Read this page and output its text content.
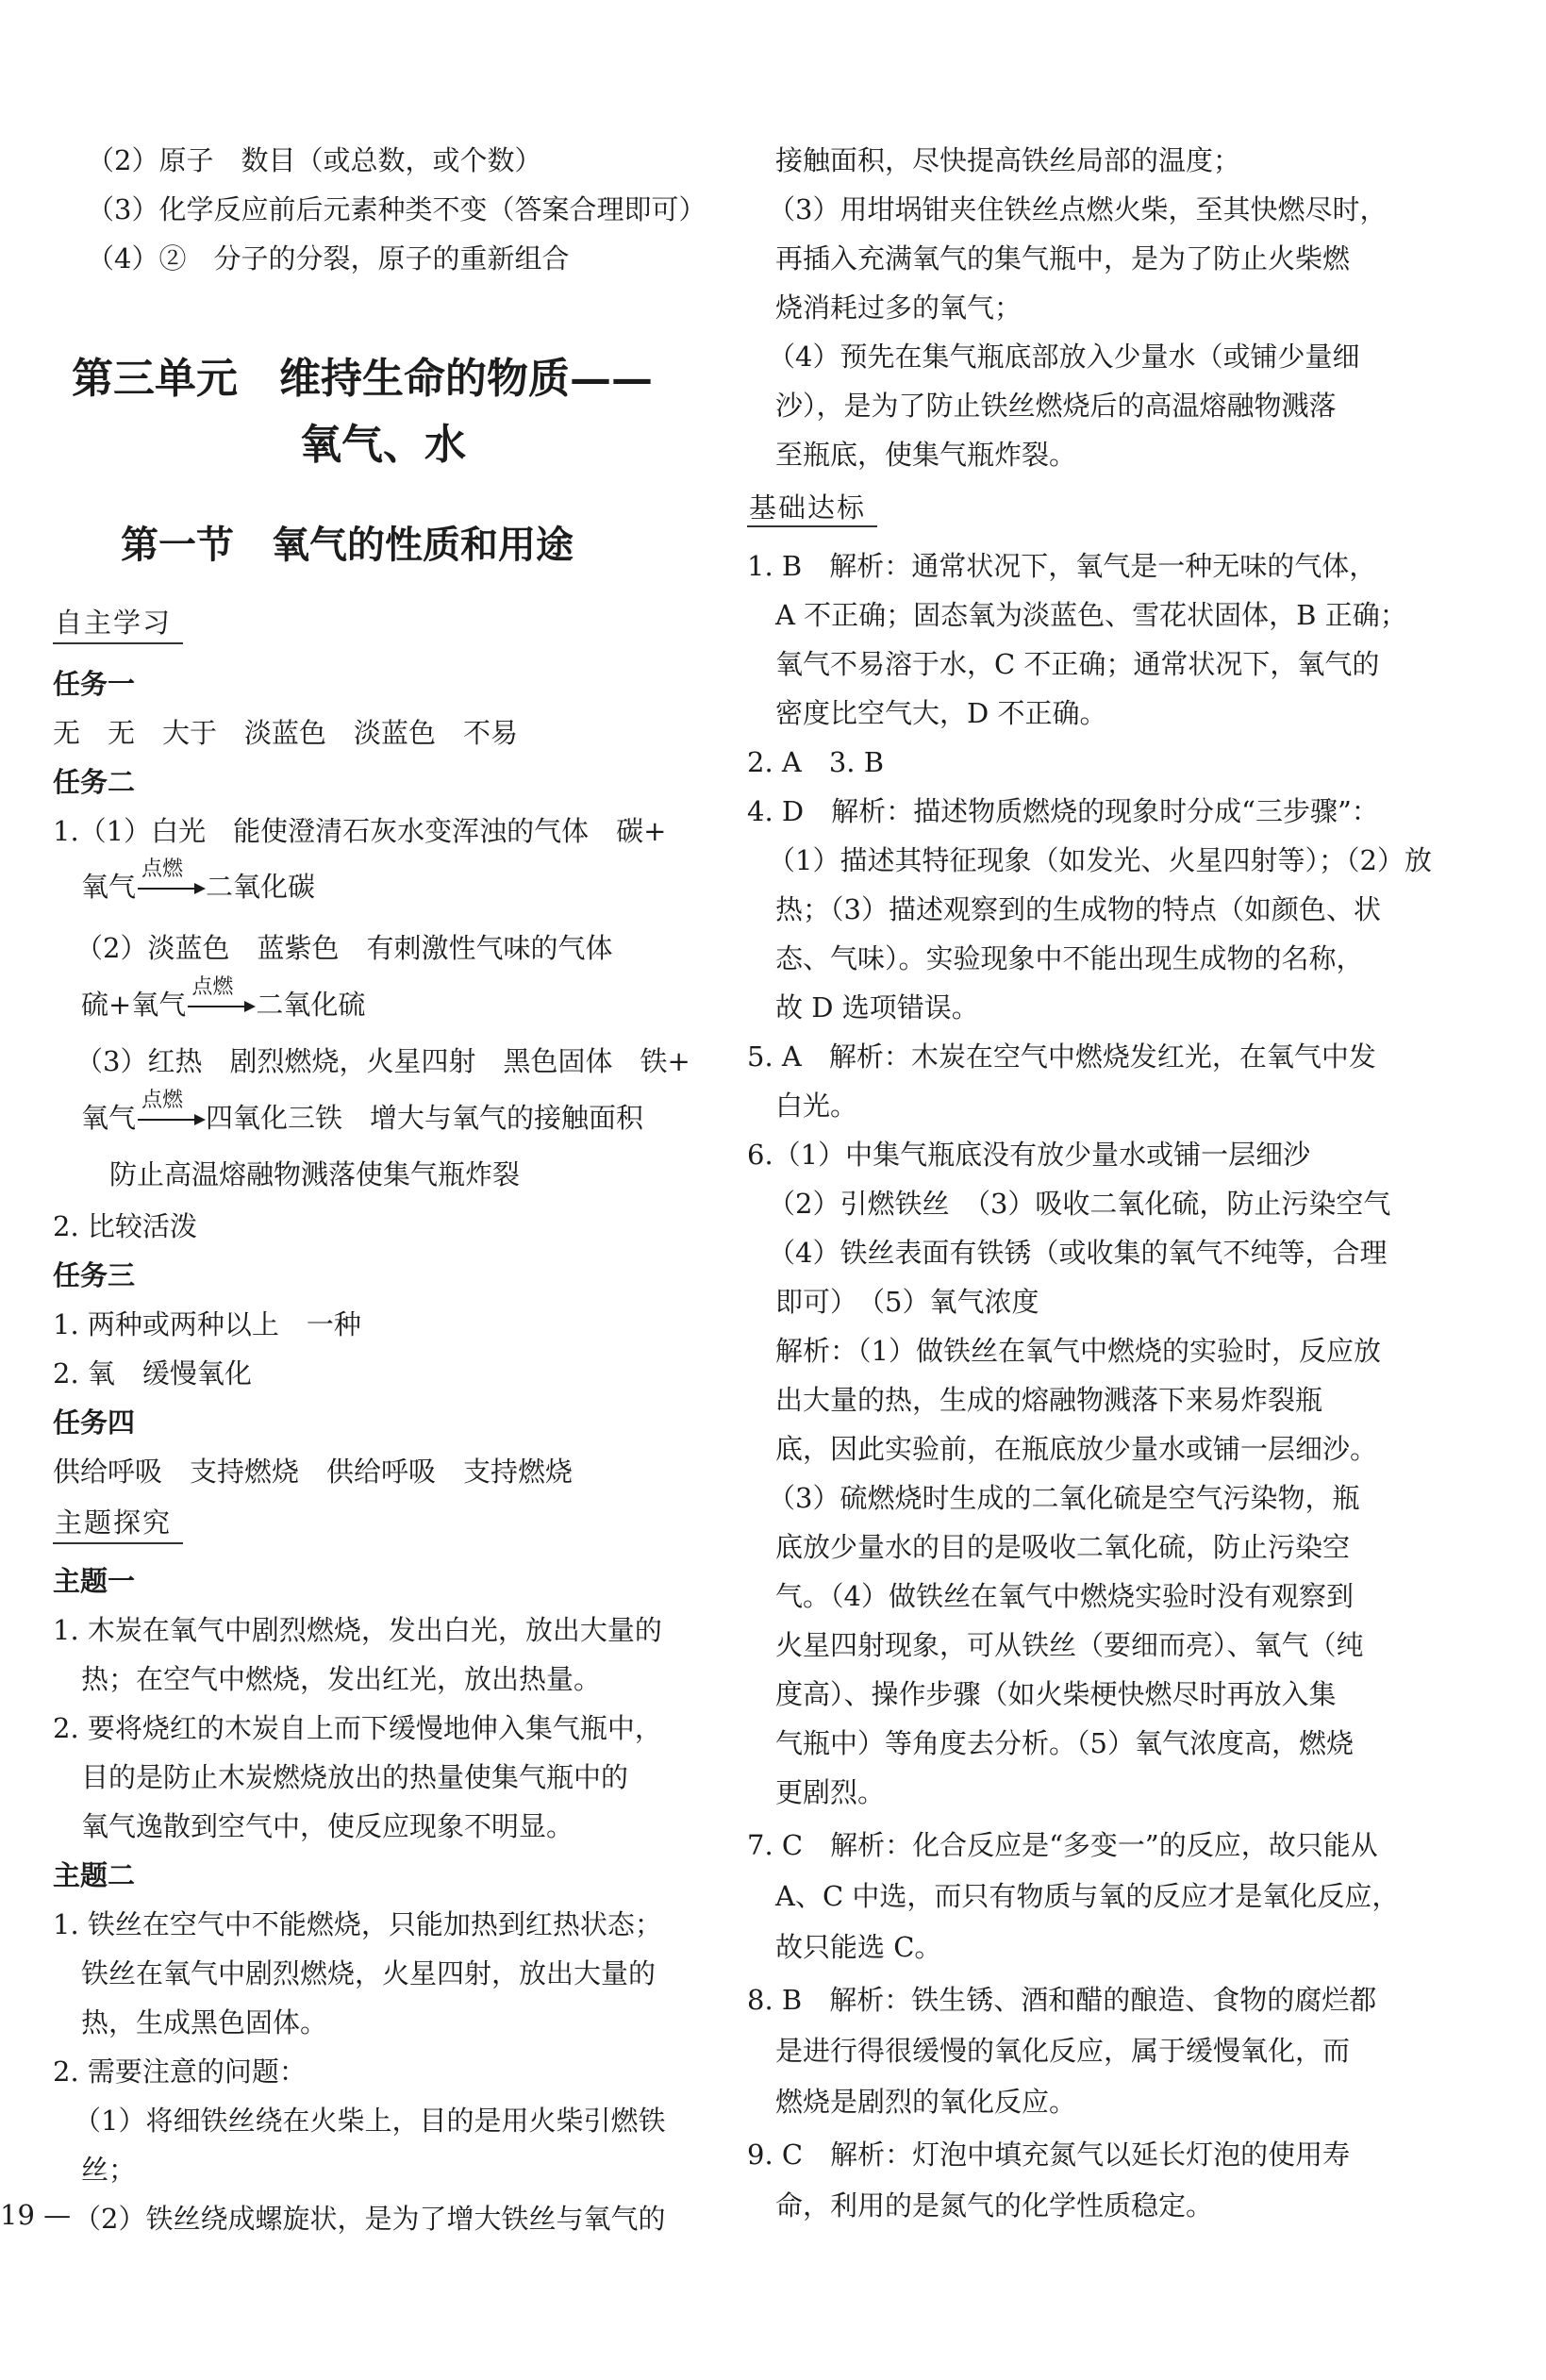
（2）原子　数目（或总数，或个数）
（3）化学反应前后元素种类不变（答案合理即可）
（4）②　分子的分裂，原子的重新组合
第三单元　维持生命的物质——
氧气、水
第一节　氧气的性质和用途
自主学习
任务一
无　无　大于　淡蓝色　淡蓝色　不易
任务二
1.（1）白光　能使澄清石灰水变浑浊的气体　碳+
氧气
点燃
二氧化碳
（2）淡蓝色　蓝紫色　有刺激性气味的气体
硫+氧气
点燃
二氧化硫
（3）红热　剧烈燃烧，火星四射　黑色固体　铁+
氧气
点燃
四氧化三铁　增大与氧气的接触面积
防止高温熔融物溅落使集气瓶炸裂
2. 比较活泼
任务三
1. 两种或两种以上　一种
2. 氧　缓慢氧化
任务四
供给呼吸　支持燃烧　供给呼吸　支持燃烧
主题探究
主题一
1. 木炭在氧气中剧烈燃烧，发出白光，放出大量的
热；在空气中燃烧，发出红光，放出热量。
2. 要将烧红的木炭自上而下缓慢地伸入集气瓶中，
目的是防止木炭燃烧放出的热量使集气瓶中的
氧气逸散到空气中，使反应现象不明显。
主题二
1. 铁丝在空气中不能燃烧，只能加热到红热状态；
铁丝在氧气中剧烈燃烧，火星四射，放出大量的
热，生成黑色固体。
2. 需要注意的问题：
（1）将细铁丝绕在火柴上，目的是用火柴引燃铁
丝；
（2）铁丝绕成螺旋状，是为了增大铁丝与氧气的
19 —
接触面积，尽快提高铁丝局部的温度；
（3）用坩埚钳夹住铁丝点燃火柴，至其快燃尽时，
再插入充满氧气的集气瓶中，是为了防止火柴燃
烧消耗过多的氧气；
（4）预先在集气瓶底部放入少量水（或铺少量细
沙），是为了防止铁丝燃烧后的高温熔融物溅落
至瓶底，使集气瓶炸裂。
基础达标
1. B　解析：通常状况下，氧气是一种无味的气体，
A 不正确；固态氧为淡蓝色、雪花状固体，B 正确；
氧气不易溶于水，C 不正确；通常状况下，氧气的
密度比空气大，D 不正确。
2. A　3. B
4. D　解析：描述物质燃烧的现象时分成“三步骤”：
（1）描述其特征现象（如发光、火星四射等）；（2）放
热；（3）描述观察到的生成物的特点（如颜色、状
态、气味）。实验现象中不能出现生成物的名称，
故 D 选项错误。
5. A　解析：木炭在空气中燃烧发红光，在氧气中发
白光。
6.（1）中集气瓶底没有放少量水或铺一层细沙
（2）引燃铁丝　（3）吸收二氧化硫，防止污染空气
（4）铁丝表面有铁锈（或收集的氧气不纯等，合理
即可）　（5）氧气浓度
解析：（1）做铁丝在氧气中燃烧的实验时，反应放
出大量的热，生成的熔融物溅落下来易炸裂瓶
底，因此实验前，在瓶底放少量水或铺一层细沙。
（3）硫燃烧时生成的二氧化硫是空气污染物，瓶
底放少量水的目的是吸收二氧化硫，防止污染空
气。（4）做铁丝在氧气中燃烧实验时没有观察到
火星四射现象，可从铁丝（要细而亮）、氧气（纯
度高）、操作步骤（如火柴梗快燃尽时再放入集
气瓶中）等角度去分析。（5）氧气浓度高，燃烧
更剧烈。
7. C　解析：化合反应是“多变一”的反应，故只能从
A、C 中选，而只有物质与氧的反应才是氧化反应，
故只能选 C。
8. B　解析：铁生锈、酒和醋的酿造、食物的腐烂都
是进行得很缓慢的氧化反应，属于缓慢氧化，而
燃烧是剧烈的氧化反应。
9. C　解析：灯泡中填充氮气以延长灯泡的使用寿
命，利用的是氮气的化学性质稳定。
